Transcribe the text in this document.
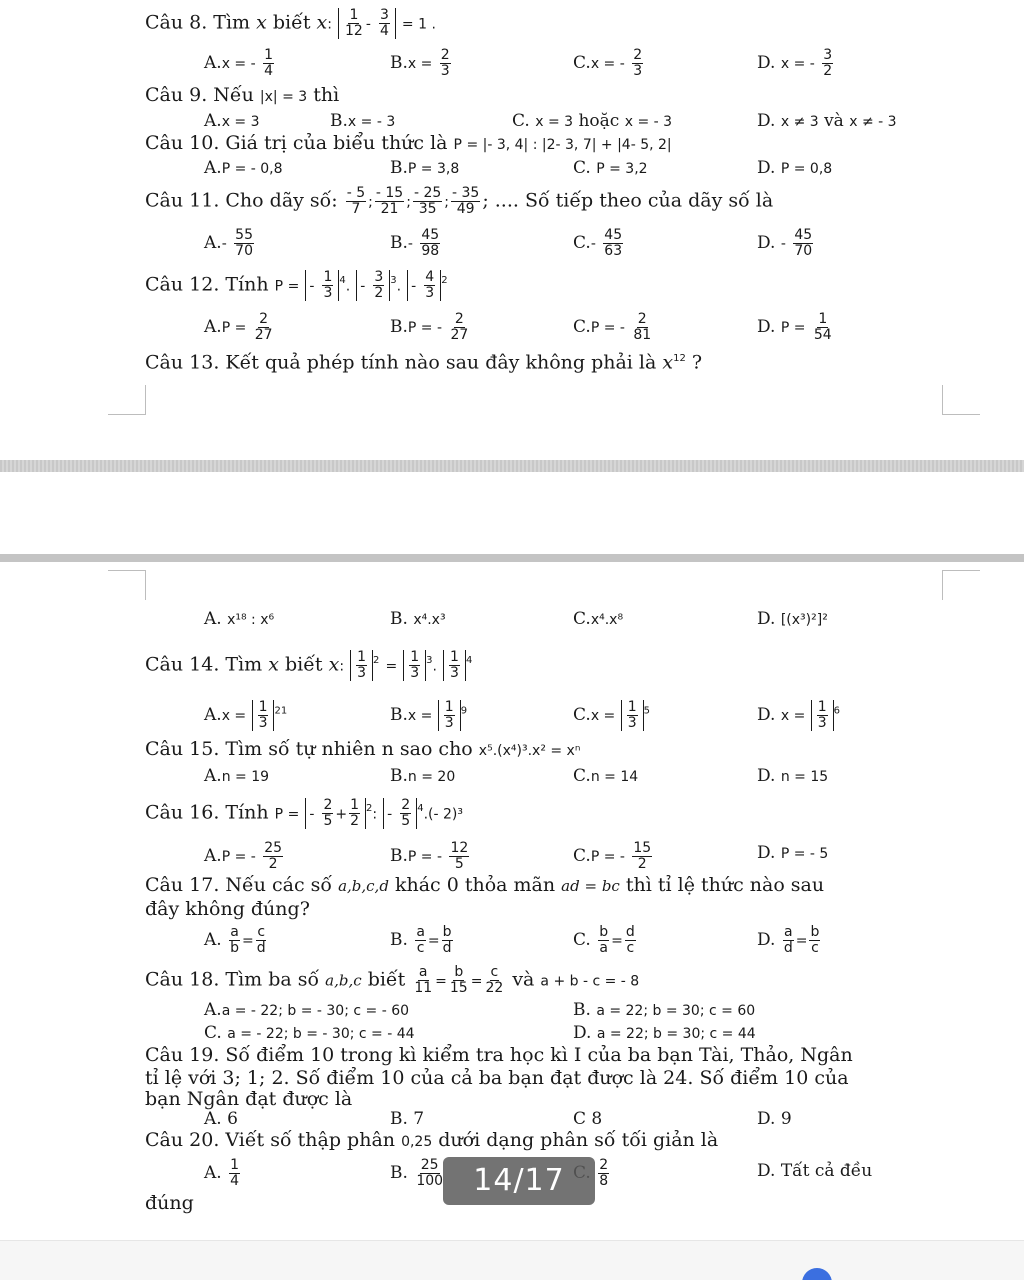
Câu 8. Tìm x biết x: $\frac{1}{12} - \frac{3}{4} = 1$ .
A.x = - $\frac{1}{4}$	$B.x = \frac{2}{3}$	C.x = - $\frac{2}{3}$	D. x = - $\frac{3}{2}$
Câu 9. Nếu |x| = 3 thì
A.x = 3	B.x = - 3	C. x = 3 hoặc x = - 3	D. x ≠ 3 và x ≠ - 3
Câu 10. Giá trị của biểu thức là P = |- 3, 4| : |2- 3, 7| + |4- 5, 2|
A.P = - 0,8	B.P = 3,8	C. P = 3,2	D. P = 0,8
Câu 11. Cho dãy số: $\frac{- 5}{7}$ ; $\frac{- 15}{21}$ ; $\frac{- 25}{35}$ ; $\frac{- 35}{49}$ ; .... Số tiếp theo của dãy số là
$A.- \frac{55}{70}$	$B.- \frac{45}{98}$	$C.- \frac{45}{63}$	D. - $\frac{45}{70}$
Câu 12. Tính P = - $\frac{1}{3} ^4$. - $\frac{3}{2} ^3$. - $\frac{4}{3} ^2$
$A.P = \frac{2}{27}$	B.P = - $\frac{2}{27}$	C.P = - $\frac{2}{81}$	D. $P = \frac{1}{54}$
Câu 13. Kết quả phép tính nào sau đây không phải là $x^{12}$ ?
A. x¹⁸ : x⁶	B. x⁴.x³	C.x⁴.x⁸	D. [(x³)²]²
Câu 14. Tìm x biết x: $\frac{1}{3} ^2 = \frac{1}{3} ^3$. $\frac{1}{3} ^4$
$A.x = \frac{1}{3} ^{21}$	$B.x = \frac{1}{3} ^9$	$C.x = \frac{1}{3} ^5$	D. $x = \frac{1}{3} ^6$
Câu 15. Tìm số tự nhiên n sao cho x⁵.(x⁴)³.x² = xⁿ
A.n = 19	B.n = 20	C.n = 14	D. n = 15
Câu 16. Tính P = - $\frac{2}{5} + \frac{1}{2} ^2$: - $\frac{2}{5} ^4.(-$ 2)³
A.P = - $\frac{25}{2}$	B.P = - $\frac{12}{5}$	C.P = - $\frac{15}{2}$	D. P = - 5
Câu 17. Nếu các số a,b,c,d khác 0 thỏa mãn ad = bc thì tỉ lệ thức nào sau
đây không đúng?
A. $\frac{a}{b} = \frac{c}{d}$	B. $\frac{a}{c} = \frac{b}{d}$	C. $\frac{b}{a} = \frac{d}{c}$	D. $\frac{a}{d} = \frac{b}{c}$
Câu 18. Tìm ba số a,b,c biết $\frac{a}{11} = \frac{b}{15} = \frac{c}{22}$ và a + b - c = - 8
A.a = - 22; b = - 30; c = - 60	B. a = 22; b = 30; c = 60
C. a = - 22; b = - 30; c = - 44	D. a = 22; b = 30; c = 44
Câu 19. Số điểm 10 trong kì kiểm tra học kì I của ba bạn Tài, Thảo, Ngân
tỉ lệ với 3; 1; 2. Số điểm 10 của cả ba bạn đạt được là 24. Số điểm 10 của
bạn Ngân đạt được là
A. 6	B. 7	C 8	D. 9
Câu 20. Viết số thập phân 0,25 dưới dạng phân số tối giản là
A. $\frac{1}{4}$	B. $\frac{25}{100}$	$\frac{2}{8}$	D. Tất cả đều
đúng
14/17
